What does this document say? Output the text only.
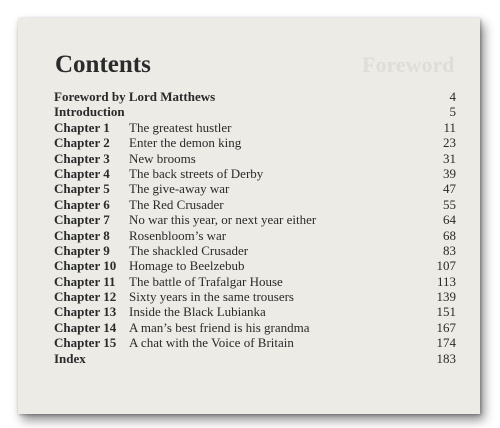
Foreword
Contents
Foreword by Lord Matthews	4
Introduction	5
Chapter 1 The greatest hustler	11
Chapter 2 Enter the demon king	23
Chapter 3 New brooms	31
Chapter 4 The back streets of Derby	39
Chapter 5 The give-away war	47
Chapter 6 The Red Crusader	55
Chapter 7 No war this year, or next year either	64
Chapter 8 Rosenbloom’s war	68
Chapter 9 The shackled Crusader	83
Chapter 10 Homage to Beelzebub	107
Chapter 11 The battle of Trafalgar House	113
Chapter 12 Sixty years in the same trousers	139
Chapter 13 Inside the Black Lubianka	151
Chapter 14 A man’s best friend is his grandma	167
Chapter 15 A chat with the Voice of Britain	174
Index	183
